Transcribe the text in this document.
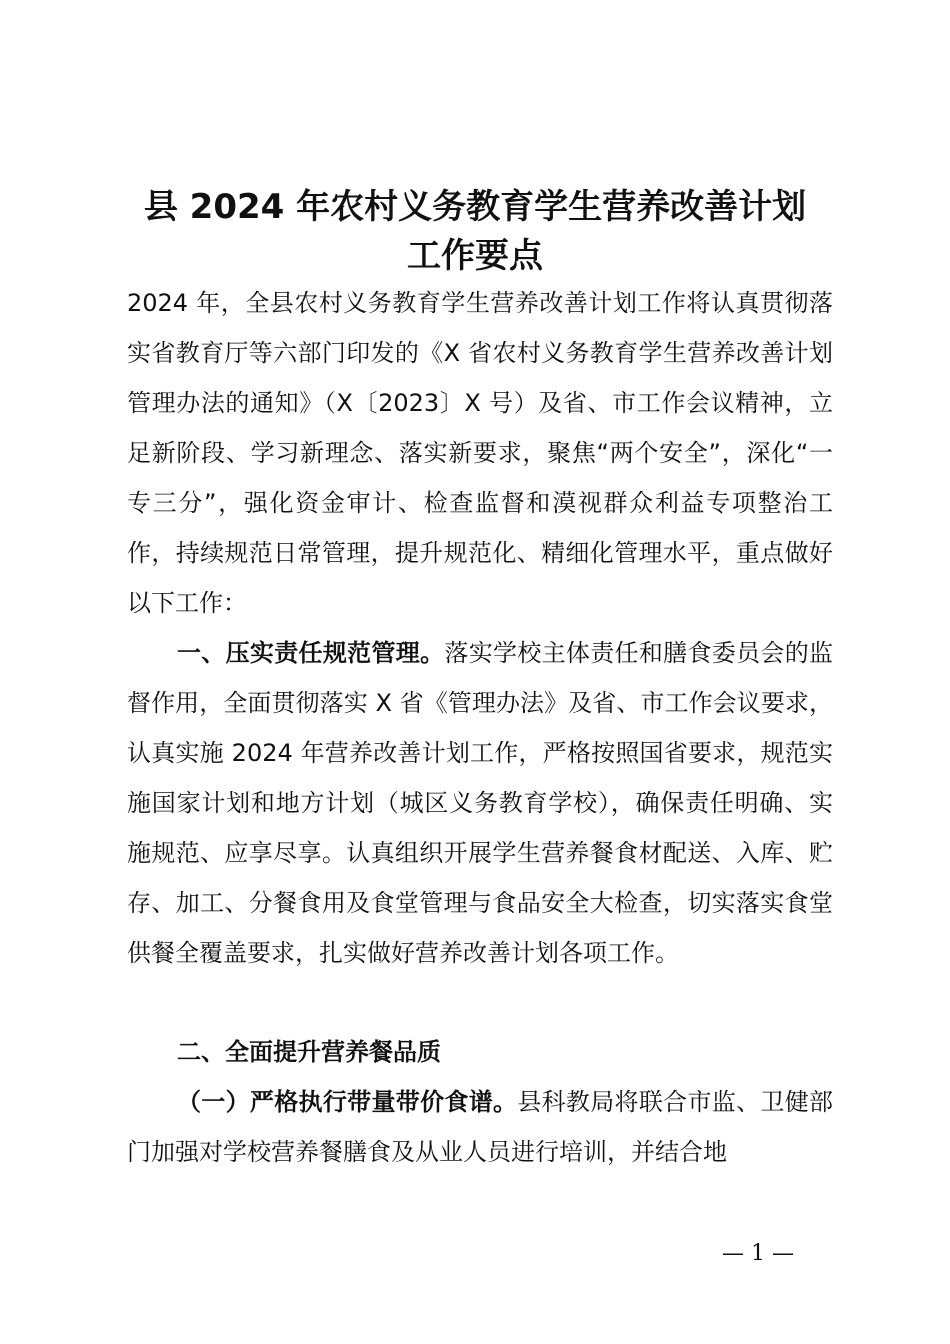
县 2024 年农村义务教育学生营养改善计划
工作要点

2024 年，全县农村义务教育学生营养改善计划工作将认真贯彻落实省教育厅等六部门印发的《X 省农村义务教育学生营养改善计划管理办法的通知》（X〔2023〕X 号）及省、市工作会议精神，立足新阶段、学习新理念、落实新要求，聚焦“两个安全”，深化“一专三分”，强化资金审计、检查监督和漠视群众利益专项整治工作，持续规范日常管理，提升规范化、精细化管理水平，重点做好以下工作：

一、压实责任规范管理。落实学校主体责任和膳食委员会的监督作用，全面贯彻落实 X 省《管理办法》及省、市工作会议要求，认真实施 2024 年营养改善计划工作，严格按照国省要求，规范实施国家计划和地方计划（城区义务教育学校），确保责任明确、实施规范、应享尽享。认真组织开展学生营养餐食材配送、入库、贮存、加工、分餐食用及食堂管理与食品安全大检查，切实落实食堂供餐全覆盖要求，扎实做好营养改善计划各项工作。

二、全面提升营养餐品质

（一）严格执行带量带价食谱。县科教局将联合市监、卫健部门加强对学校营养餐膳食及从业人员进行培训，并结合地

— 1 —
